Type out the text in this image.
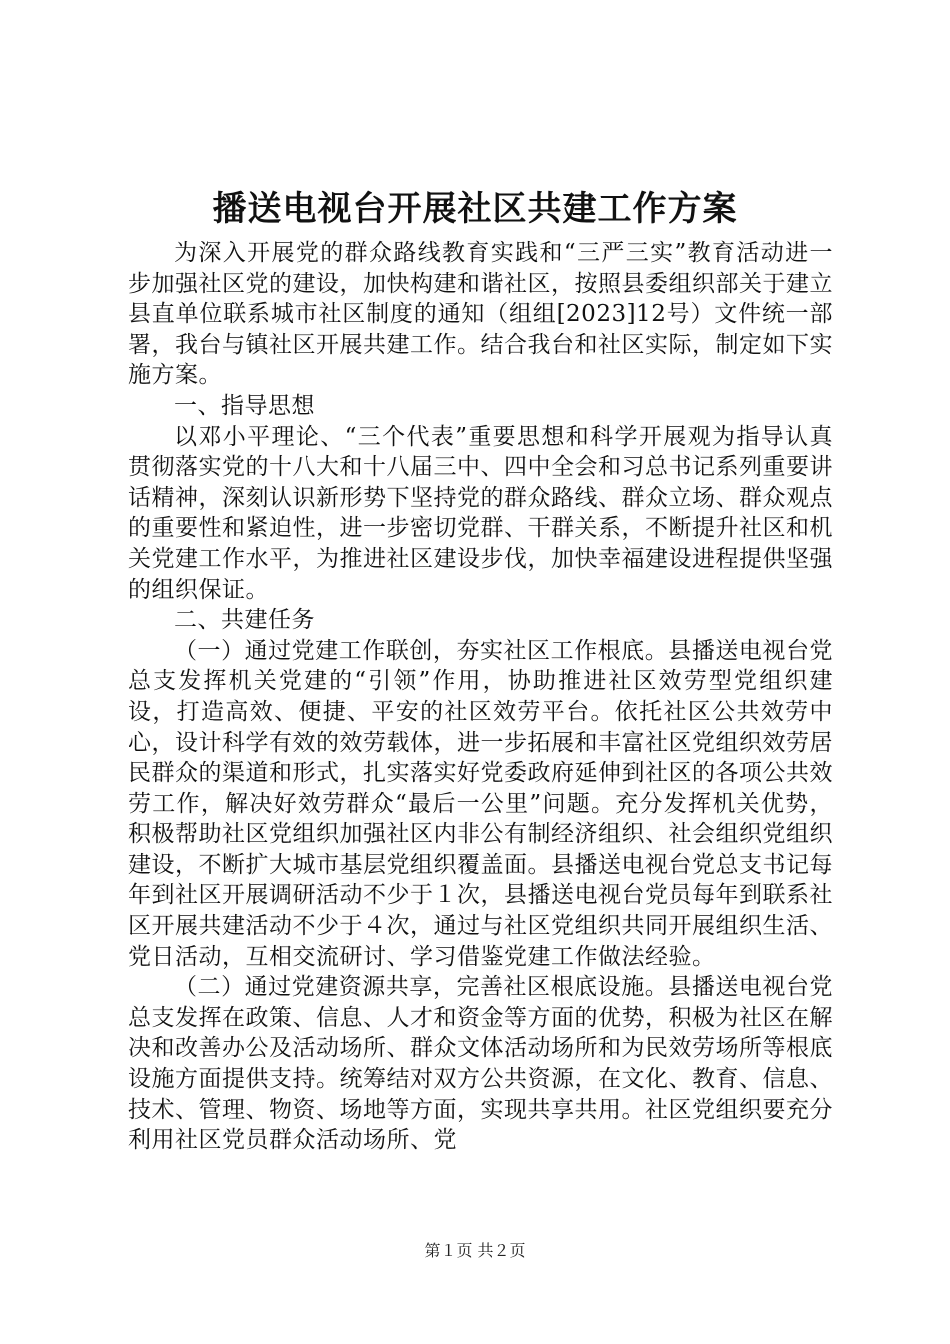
播送电视台开展社区共建工作方案

为深入开展党的群众路线教育实践和“三严三实”教育活动进一步加强社区党的建设，加快构建和谐社区，按照县委组织部关于建立县直单位联系城市社区制度的通知（组组[2023]12号）文件统一部署，我台与镇社区开展共建工作。结合我台和社区实际，制定如下实施方案。

一、指导思想

以邓小平理论、“三个代表”重要思想和科学开展观为指导认真贯彻落实党的十八大和十八届三中、四中全会和习总书记系列重要讲话精神，深刻认识新形势下坚持党的群众路线、群众立场、群众观点的重要性和紧迫性，进一步密切党群、干群关系，不断提升社区和机关党建工作水平，为推进社区建设步伐，加快幸福建设进程提供坚强的组织保证。

二、共建任务

（一）通过党建工作联创，夯实社区工作根底。县播送电视台党总支发挥机关党建的“引领”作用，协助推进社区效劳型党组织建设，打造高效、便捷、平安的社区效劳平台。依托社区公共效劳中心，设计科学有效的效劳载体，进一步拓展和丰富社区党组织效劳居民群众的渠道和形式，扎实落实好党委政府延伸到社区的各项公共效劳工作，解决好效劳群众“最后一公里”问题。充分发挥机关优势，积极帮助社区党组织加强社区内非公有制经济组织、社会组织党组织建设，不断扩大城市基层党组织覆盖面。县播送电视台党总支书记每年到社区开展调研活动不少于１次，县播送电视台党员每年到联系社区开展共建活动不少于４次，通过与社区党组织共同开展组织生活、党日活动，互相交流研讨、学习借鉴党建工作做法经验。

（二）通过党建资源共享，完善社区根底设施。县播送电视台党总支发挥在政策、信息、人才和资金等方面的优势，积极为社区在解决和改善办公及活动场所、群众文体活动场所和为民效劳场所等根底设施方面提供支持。统筹结对双方公共资源，在文化、教育、信息、技术、管理、物资、场地等方面，实现共享共用。社区党组织要充分利用社区党员群众活动场所、党

第１页 共２页
